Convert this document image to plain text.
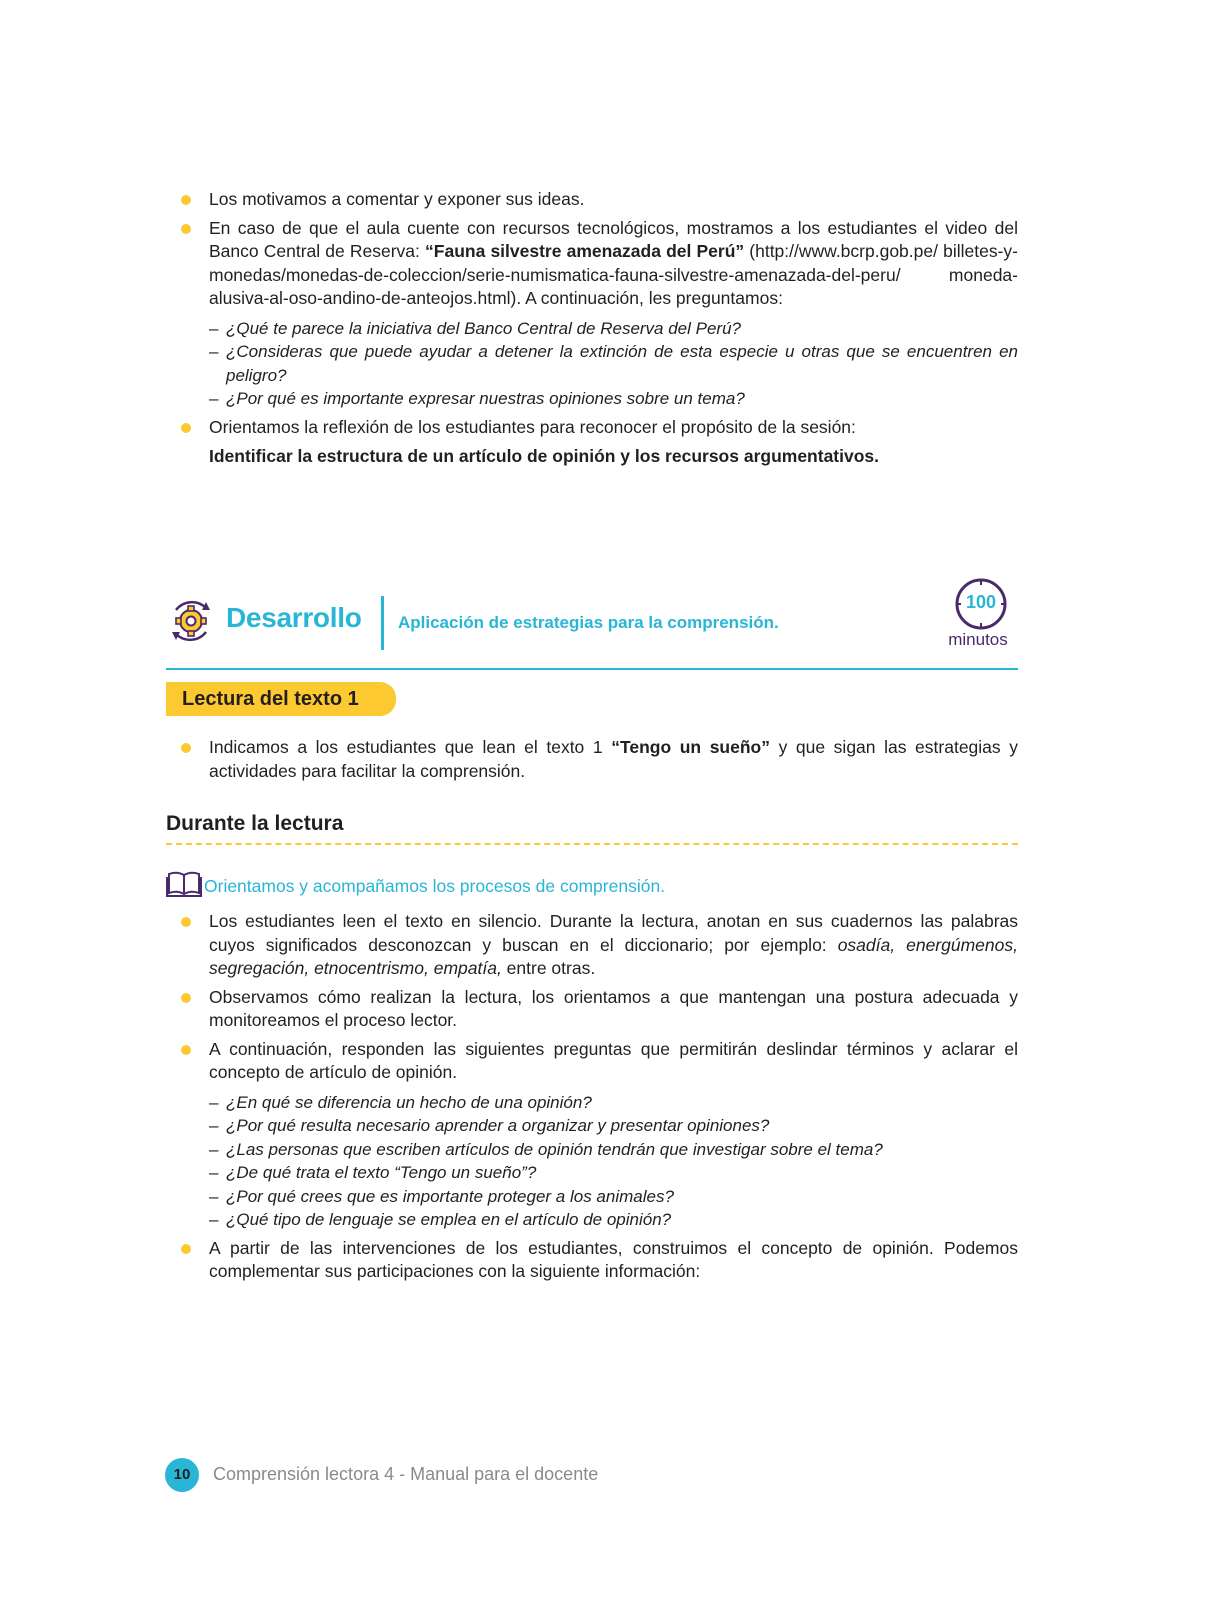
Los motivamos a comentar y exponer sus ideas.
En caso de que el aula cuente con recursos tecnológicos, mostramos a los estudiantes el video del Banco Central de Reserva: “Fauna silvestre amenazada del Perú” (http://www.bcrp.gob.pe/ billetes-y-monedas/monedas-de-coleccion/serie-numismatica-fauna-silvestre-amenazada-del-peru/ moneda-alusiva-al-oso-andino-de-anteojos.html). A continuación, les preguntamos:
– ¿Qué te parece la iniciativa del Banco Central de Reserva del Perú?
– ¿Consideras que puede ayudar a detener la extinción de esta especie u otras que se encuentren en peligro?
– ¿Por qué es importante expresar nuestras opiniones sobre un tema?
Orientamos la reflexión de los estudiantes para reconocer el propósito de la sesión:
Identificar la estructura de un artículo de opinión y los recursos argumentativos.
Desarrollo Aplicación de estrategias para la comprensión.
100
minutos
Lectura del texto 1
Indicamos a los estudiantes que lean el texto 1 “Tengo un sueño” y que sigan las estrategias y actividades para facilitar la comprensión.
Durante la lectura
Orientamos y acompañamos los procesos de comprensión.
Los estudiantes leen el texto en silencio. Durante la lectura, anotan en sus cuadernos las palabras cuyos significados desconozcan y buscan en el diccionario; por ejemplo: osadía, energúmenos, segregación, etnocentrismo, empatía, entre otras.
Observamos cómo realizan la lectura, los orientamos a que mantengan una postura adecuada y monitoreamos el proceso lector.
A continuación, responden las siguientes preguntas que permitirán deslindar términos y aclarar el concepto de artículo de opinión.
– ¿En qué se diferencia un hecho de una opinión?
– ¿Por qué resulta necesario aprender a organizar y presentar opiniones?
– ¿Las personas que escriben artículos de opinión tendrán que investigar sobre el tema?
– ¿De qué trata el texto “Tengo un sueño”?
– ¿Por qué crees que es importante proteger a los animales?
– ¿Qué tipo de lenguaje se emplea en el artículo de opinión?
A partir de las intervenciones de los estudiantes, construimos el concepto de opinión. Podemos complementar sus participaciones con la siguiente información:
10	Comprensión lectora 4 - Manual para el docente
